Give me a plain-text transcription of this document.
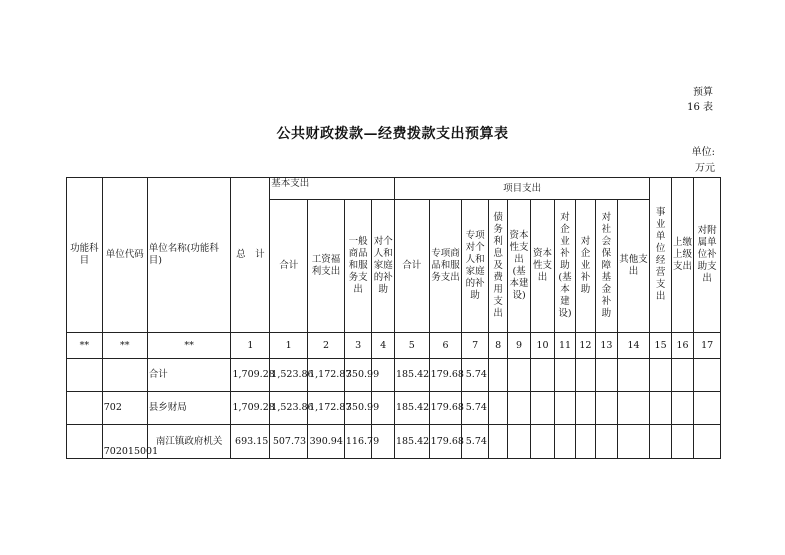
预算
16 表
公共财政拨款—经费拨款支出预算表
单位:
万元
功能科目	单位代码	单位名称(功能科目)	总　计	基本支出				项目支出										事业单位经营支出	上缴上级支出	对附属单位补助支出
				合计	工资福利支出	一般商品和服务支出	对个人和家庭的补助	合计	专项商品和服务支出	专项对个人和家庭的补助	债务利息及费用支出	资本性支出(基本建设)	资本性支出	对企业补助(基本建设)	对企业补助	对社会保障基金补助	其他支出			
**	**	**	1	1	2	3	4	5	6	7	8	9	10	11	12	13	14	15	16	17
		合计	1,709.28	1,523.86	1,172.87	350.99		185.42	179.68	5.74										
	702	县乡财局	1,709.28	1,523.86	1,172.87	350.99		185.42	179.68	5.74										
	702015001	南江镇政府机关	693.15	507.73	390.94	116.79		185.42	179.68	5.74										
